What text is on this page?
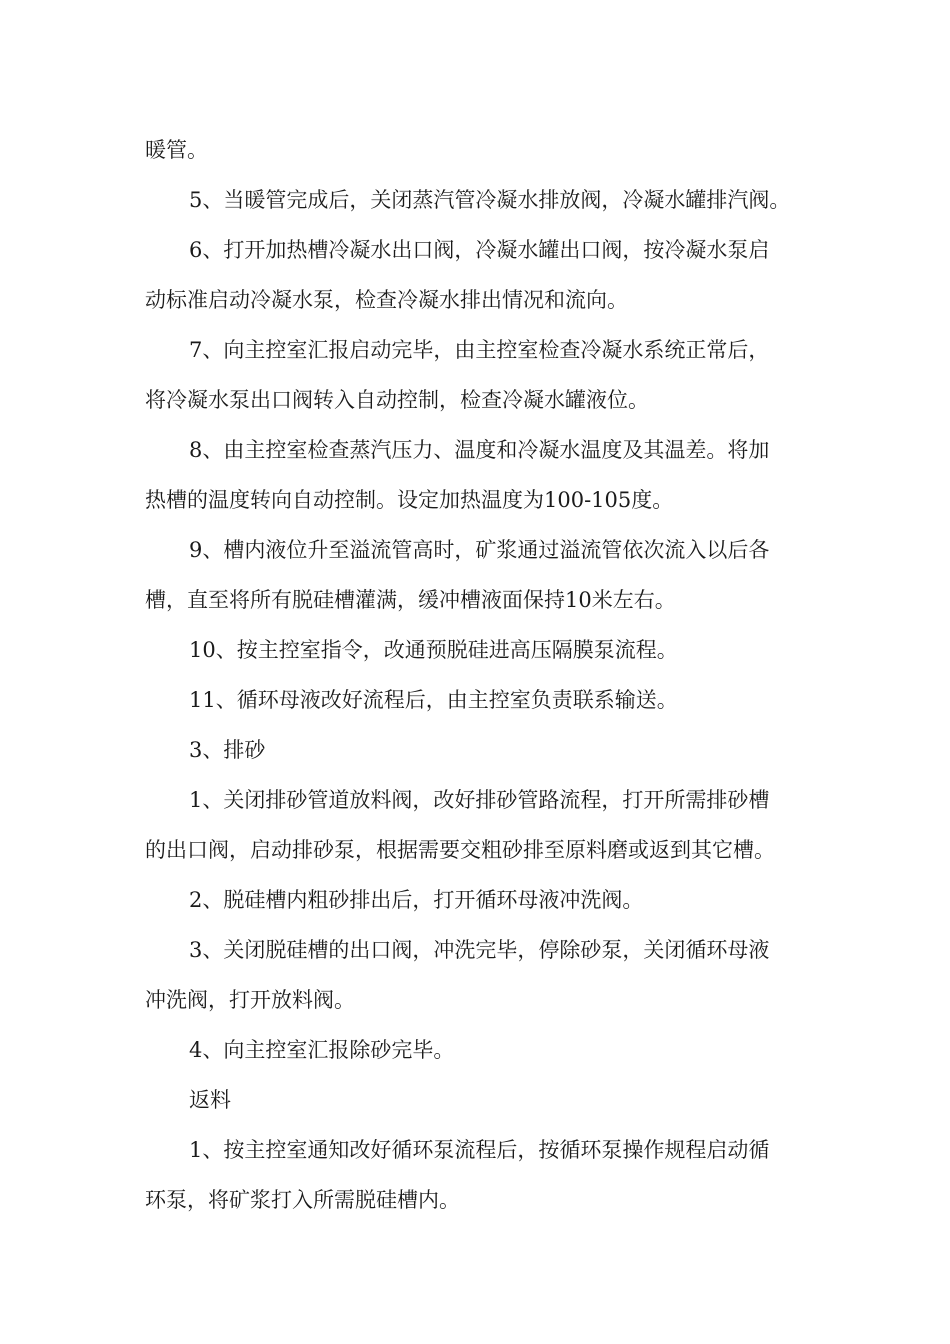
暖管。
5、当暖管完成后，关闭蒸汽管冷凝水排放阀，冷凝水罐排汽阀。
6、打开加热槽冷凝水出口阀，冷凝水罐出口阀，按冷凝水泵启
动标准启动冷凝水泵，检查冷凝水排出情况和流向。
7、向主控室汇报启动完毕，由主控室检查冷凝水系统正常后，
将冷凝水泵出口阀转入自动控制，检查冷凝水罐液位。
8、由主控室检查蒸汽压力、温度和冷凝水温度及其温差。将加
热槽的温度转向自动控制。设定加热温度为100-105度。
9、槽内液位升至溢流管高时，矿浆通过溢流管依次流入以后各
槽，直至将所有脱硅槽灌满，缓冲槽液面保持10米左右。
10、按主控室指令，改通预脱硅进高压隔膜泵流程。
11、循环母液改好流程后，由主控室负责联系输送。
3、排砂
1、关闭排砂管道放料阀，改好排砂管路流程，打开所需排砂槽
的出口阀，启动排砂泵，根据需要交粗砂排至原料磨或返到其它槽。
2、脱硅槽内粗砂排出后，打开循环母液冲洗阀。
3、关闭脱硅槽的出口阀，冲洗完毕，停除砂泵，关闭循环母液
冲洗阀，打开放料阀。
4、向主控室汇报除砂完毕。
返料
1、按主控室通知改好循环泵流程后，按循环泵操作规程启动循
环泵，将矿浆打入所需脱硅槽内。
